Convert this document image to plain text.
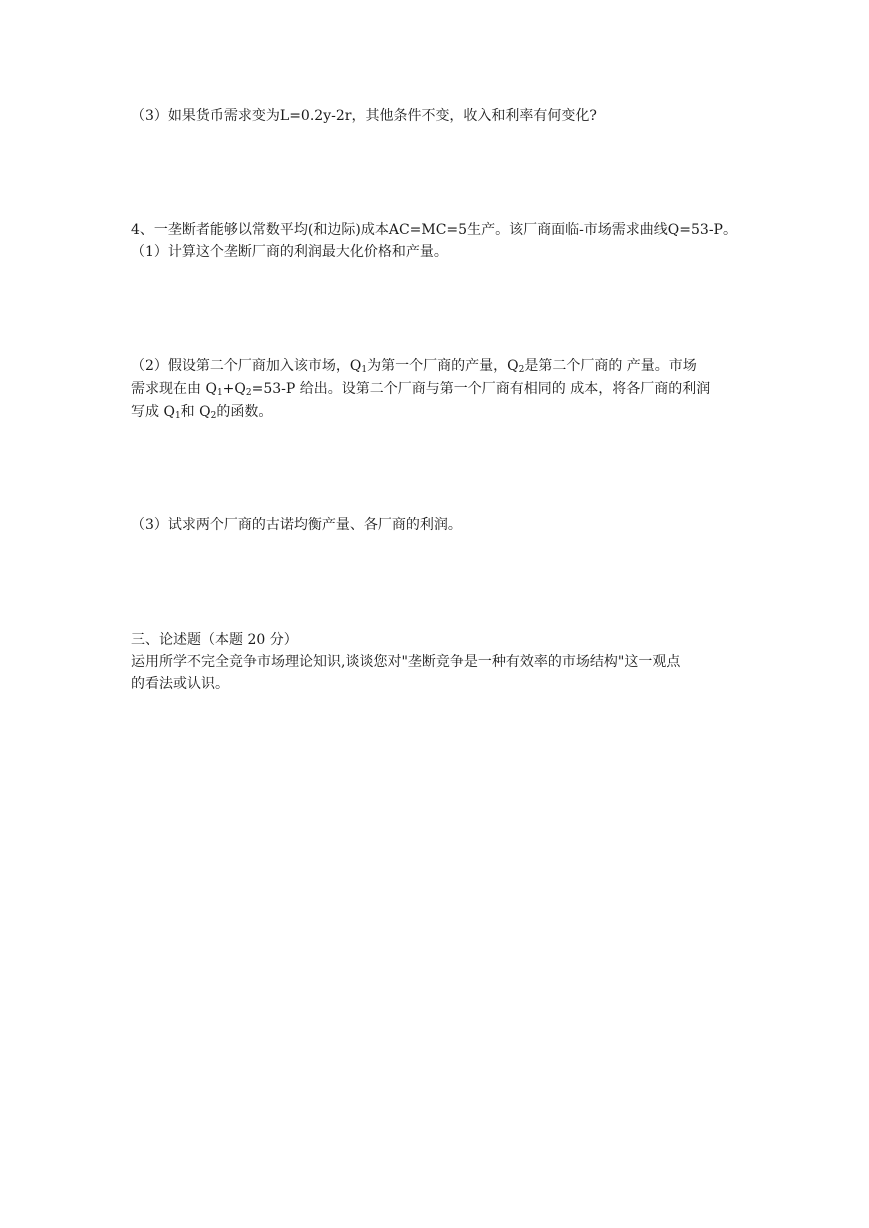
（3）如果货币需求变为L=0.2y-2r，其他条件不变，收入和利率有何变化?
4、一垄断者能够以常数平均(和边际)成本AC=MC=5生产。该厂商面临-市场需求曲线Q=53-P。
（1）计算这个垄断厂商的利润最大化价格和产量。
（2）假设第二个厂商加入该市场，$Q_1$为第一个厂商的产量，$Q_2$是第二个厂商的 产量。市场
需求现在由 $Q_1+Q_2=53-P$ 给出。设第二个厂商与第一个厂商有相同的 成本，将各厂商的利润
写成 $Q_1$和 $Q_2$的函数。
（3）试求两个厂商的古诺均衡产量、各厂商的利润。
三、论述题（本题 20 分）
运用所学不完全竞争市场理论知识,谈谈您对"垄断竞争是一种有效率的市场结构"这一观点
的看法或认识。
